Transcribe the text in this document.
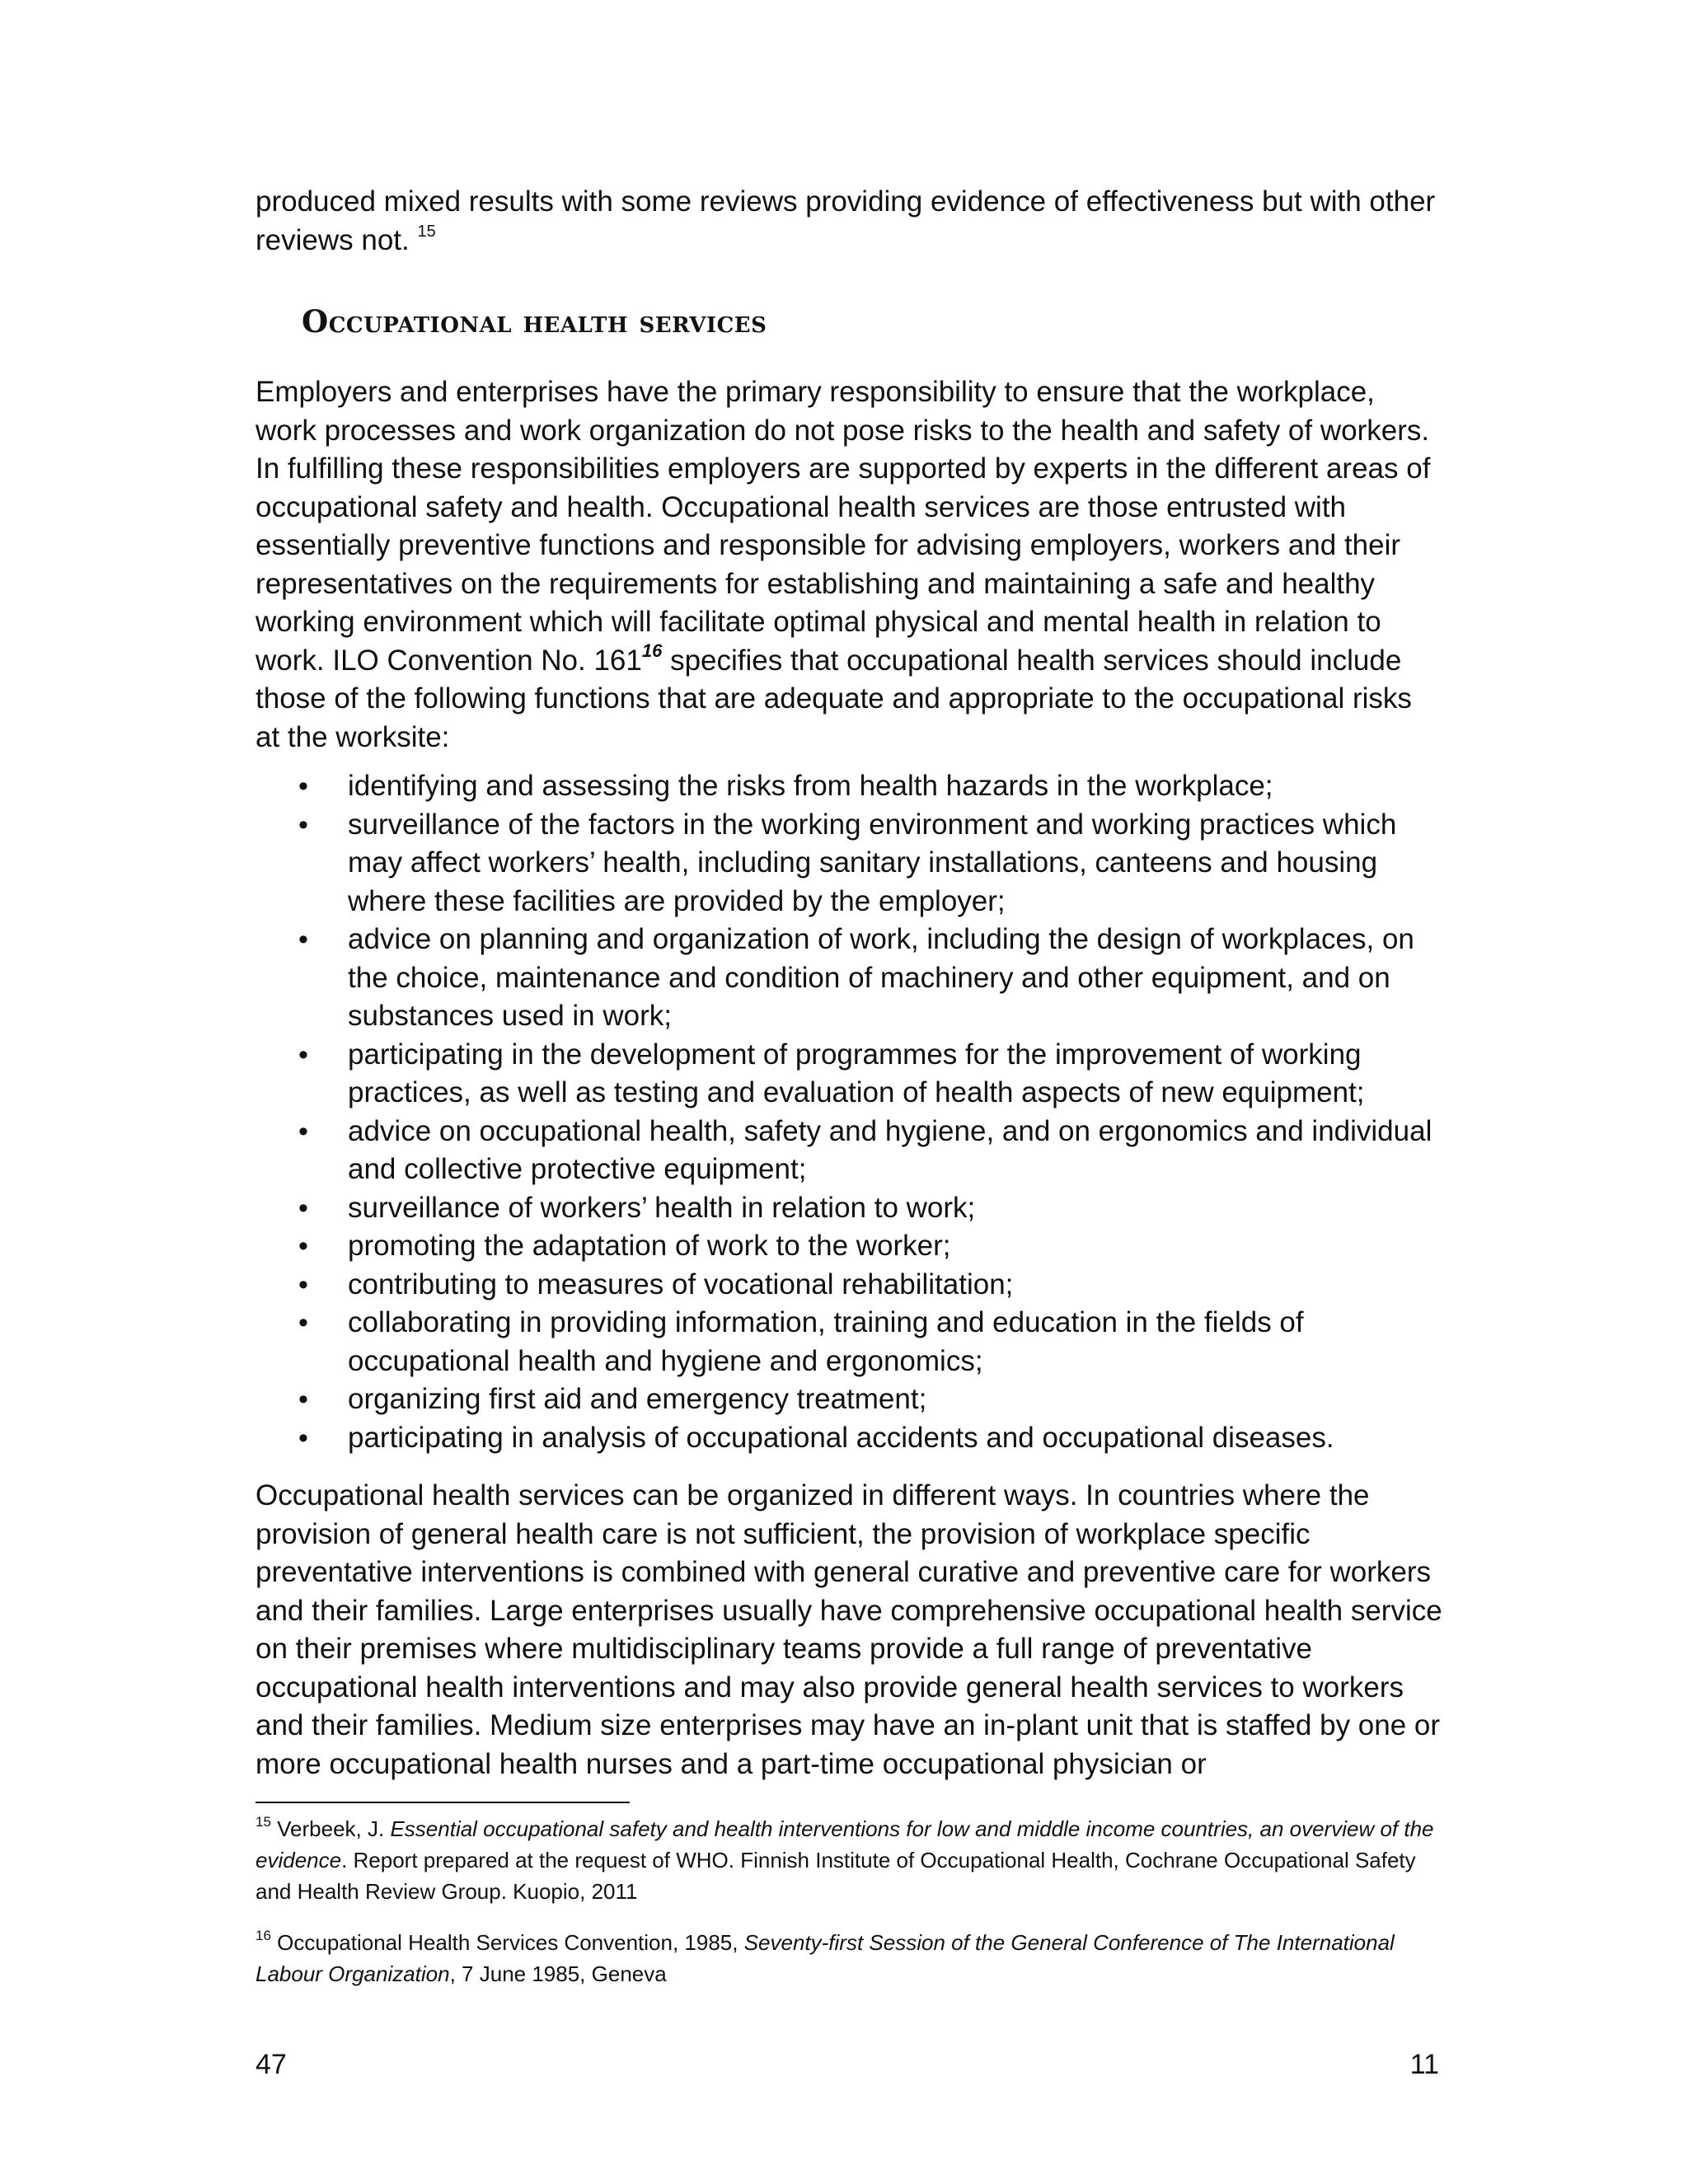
produced mixed results with some reviews providing evidence of effectiveness but with other reviews not. $^{15}$

Occupational health services

Employers and enterprises have the primary responsibility to ensure that the workplace, work processes and work organization do not pose risks to the health and safety of workers. In fulfilling these responsibilities employers are supported by experts in the different areas of occupational safety and health. Occupational health services are those entrusted with essentially preventive functions and responsible for advising employers, workers and their representatives on the requirements for establishing and maintaining a safe and healthy working environment which will facilitate optimal physical and mental health in relation to work. ILO Convention No. $161^{16}$ specifies that occupational health services should include those of the following functions that are adequate and appropriate to the occupational risks at the worksite:

• identifying and assessing the risks from health hazards in the workplace;
• surveillance of the factors in the working environment and working practices which may affect workers’ health, including sanitary installations, canteens and housing where these facilities are provided by the employer;
• advice on planning and organization of work, including the design of workplaces, on the choice, maintenance and condition of machinery and other equipment, and on substances used in work;
• participating in the development of programmes for the improvement of working practices, as well as testing and evaluation of health aspects of new equipment;
• advice on occupational health, safety and hygiene, and on ergonomics and individual and collective protective equipment;
• surveillance of workers’ health in relation to work;
• promoting the adaptation of work to the worker;
• contributing to measures of vocational rehabilitation;
• collaborating in providing information, training and education in the fields of occupational health and hygiene and ergonomics;
• organizing first aid and emergency treatment;
• participating in analysis of occupational accidents and occupational diseases.

Occupational health services can be organized in different ways. In countries where the provision of general health care is not sufficient, the provision of workplace specific preventative interventions is combined with general curative and preventive care for workers and their families. Large enterprises usually have comprehensive occupational health service on their premises where multidisciplinary teams provide a full range of preventative occupational health interventions and may also provide general health services to workers and their families. Medium size enterprises may have an in-plant unit that is staffed by one or more occupational health nurses and a part-time occupational physician or

$^{15}$ Verbeek, J. Essential occupational safety and health interventions for low and middle income countries, an overview of the evidence. Report prepared at the request of WHO. Finnish Institute of Occupational Health, Cochrane Occupational Safety and Health Review Group. Kuopio, 2011

$^{16}$ Occupational Health Services Convention, 1985, Seventy-first Session of the General Conference of The International Labour Organization, 7 June 1985, Geneva

47	11
